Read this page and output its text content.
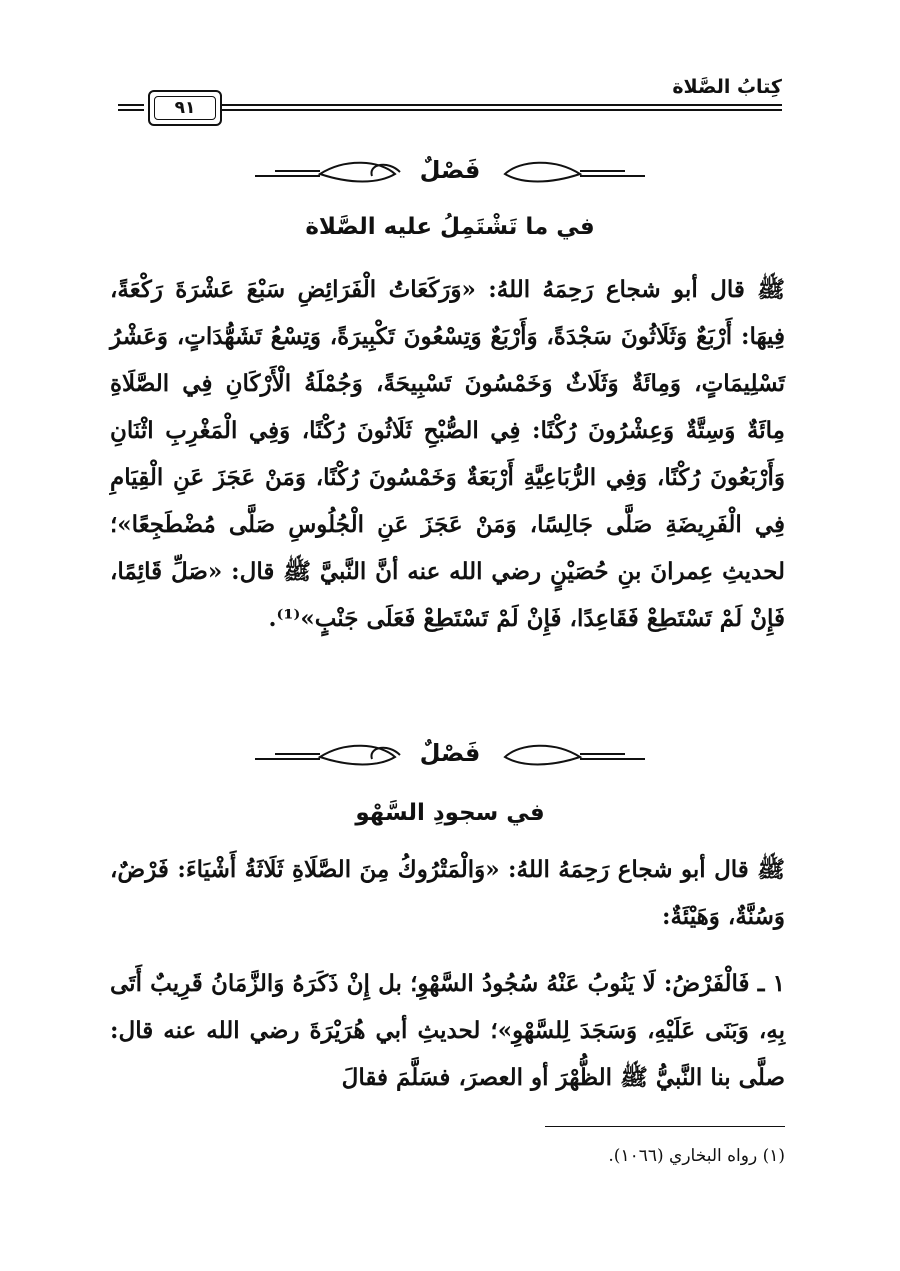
كِتابُ الصَّلاة
٩١
فَصْلٌ
في ما تَشْتَمِلُ عليه الصَّلاة
ﷺ قال أبو شجاع رَحِمَهُ اللهُ: «وَرَكَعَاتُ الْفَرَائِضِ سَبْعَ عَشْرَةَ رَكْعَةً، فِيهَا: أَرْبَعٌ وَثَلَاثُونَ سَجْدَةً، وَأَرْبَعٌ وَتِسْعُونَ تَكْبِيرَةً، وَتِسْعُ تَشَهُّدَاتٍ، وَعَشْرُ تَسْلِيمَاتٍ، وَمِائَةٌ وَثَلَاثٌ وَخَمْسُونَ تَسْبِيحَةً، وَجُمْلَةُ الْأَرْكَانِ فِي الصَّلَاةِ مِائَةٌ وَسِتَّةٌ وَعِشْرُونَ رُكْنًا: فِي الصُّبْحِ ثَلَاثُونَ رُكْنًا، وَفِي الْمَغْرِبِ اثْنَانِ وَأَرْبَعُونَ رُكْنًا، وَفِي الرُّبَاعِيَّةِ أَرْبَعَةٌ وَخَمْسُونَ رُكْنًا، وَمَنْ عَجَزَ عَنِ الْقِيَامِ فِي الْفَرِيضَةِ صَلَّى جَالِسًا، وَمَنْ عَجَزَ عَنِ الْجُلُوسِ صَلَّى مُضْطَجِعًا»؛ لحديثِ عِمرانَ بنِ حُصَيْنٍ رضي الله عنه أنَّ النَّبيَّ ﷺ قال: «صَلِّ قَائِمًا، فَإِنْ لَمْ تَسْتَطِعْ فَقَاعِدًا، فَإِنْ لَمْ تَسْتَطِعْ فَعَلَى جَنْبٍ»⁽¹⁾.
فَصْلٌ
في سجودِ السَّهْو
ﷺ قال أبو شجاع رَحِمَهُ اللهُ: «وَالْمَتْرُوكُ مِنَ الصَّلَاةِ ثَلَاثَةُ أَشْيَاءَ: فَرْضٌ، وَسُنَّةٌ، وَهَيْئَةٌ:
١ ـ فَالْفَرْضُ: لَا يَنُوبُ عَنْهُ سُجُودُ السَّهْوِ؛ بل إِنْ ذَكَرَهُ وَالزَّمَانُ قَرِيبٌ أَتَى بِهِ، وَبَنَى عَلَيْهِ، وَسَجَدَ لِلسَّهْوِ»؛ لحديثِ أبي هُرَيْرَةَ رضي الله عنه قال: صلَّى بنا النَّبيُّ ﷺ الظُّهْرَ أو العصرَ، فسَلَّمَ فقالَ
(١) رواه البخاري (١٠٦٦).
